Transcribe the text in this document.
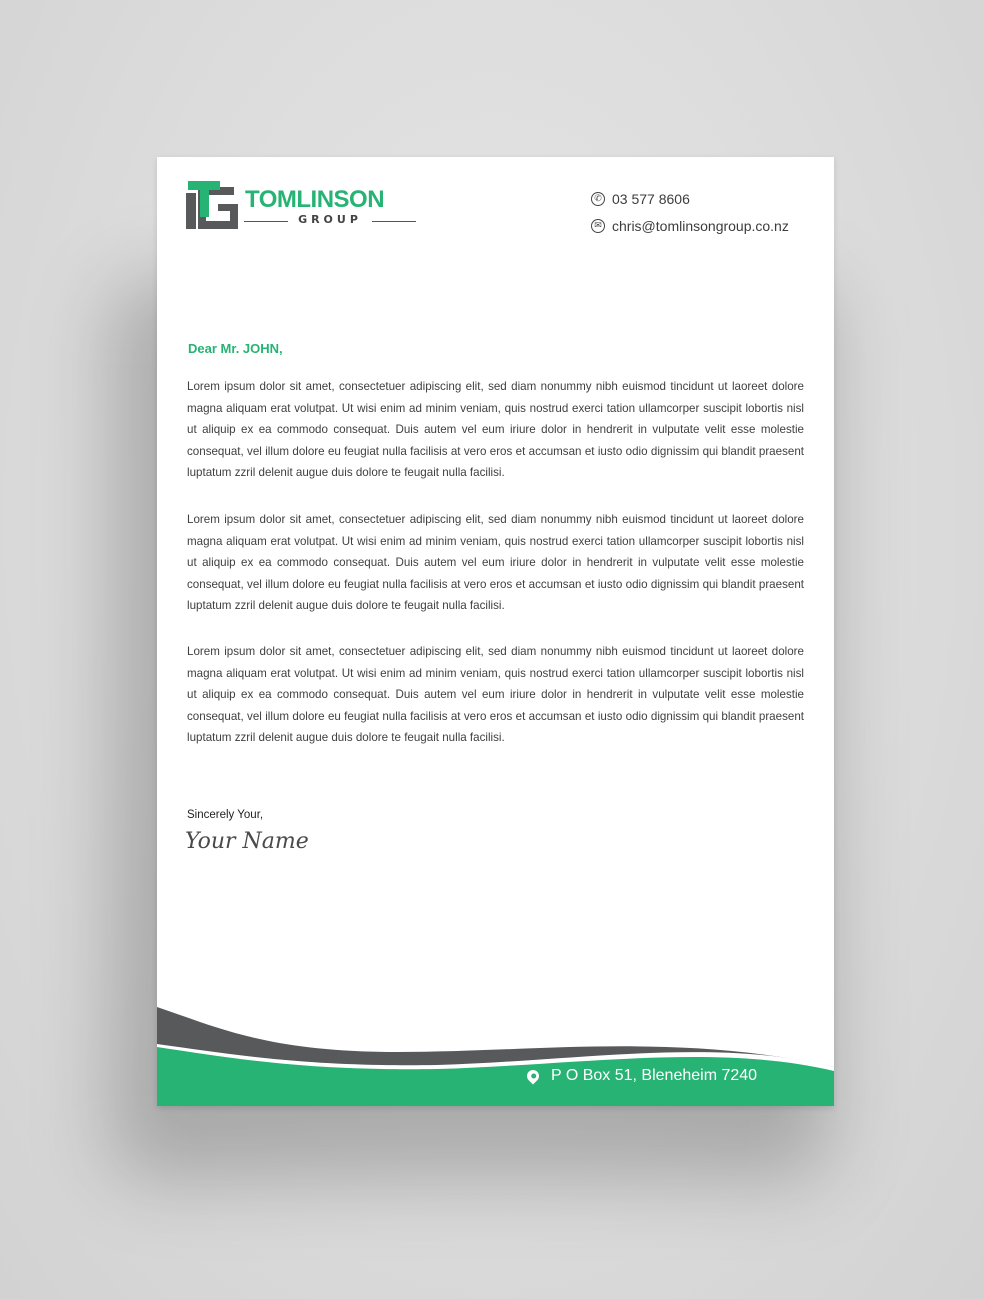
TOMLINSON
GROUP
✆ 03 577 8606
✉ chris@tomlinsongroup.co.nz
Dear Mr. JOHN,

Lorem ipsum dolor sit amet, consectetuer adipiscing elit, sed diam nonummy nibh euismod tincidunt ut laoreet dolore magna aliquam erat volutpat. Ut wisi enim ad minim veniam, quis nostrud exerci tation ullamcorper suscipit lobortis nisl ut aliquip ex ea commodo consequat. Duis autem vel eum iriure dolor in hendrerit in vulputate velit esse molestie consequat, vel illum dolore eu feugiat nulla facilisis at vero eros et accumsan et iusto odio dignissim qui blandit praesent luptatum zzril delenit augue duis dolore te feugait nulla facilisi.

Lorem ipsum dolor sit amet, consectetuer adipiscing elit, sed diam nonummy nibh euismod tincidunt ut laoreet dolore magna aliquam erat volutpat. Ut wisi enim ad minim veniam, quis nostrud exerci tation ullamcorper suscipit lobortis nisl ut aliquip ex ea commodo consequat. Duis autem vel eum iriure dolor in hendrerit in vulputate velit esse molestie consequat, vel illum dolore eu feugiat nulla facilisis at vero eros et accumsan et iusto odio dignissim qui blandit praesent luptatum zzril delenit augue duis dolore te feugait nulla facilisi.

Lorem ipsum dolor sit amet, consectetuer adipiscing elit, sed diam nonummy nibh euismod tincidunt ut laoreet dolore magna aliquam erat volutpat. Ut wisi enim ad minim veniam, quis nostrud exerci tation ullamcorper suscipit lobortis nisl ut aliquip ex ea commodo consequat. Duis autem vel eum iriure dolor in hendrerit in vulputate velit esse molestie consequat, vel illum dolore eu feugiat nulla facilisis at vero eros et accumsan et iusto odio dignissim qui blandit praesent luptatum zzril delenit augue duis dolore te feugait nulla facilisi.

Sincerely Your,
Your Name
P O Box 51, Bleneheim 7240
